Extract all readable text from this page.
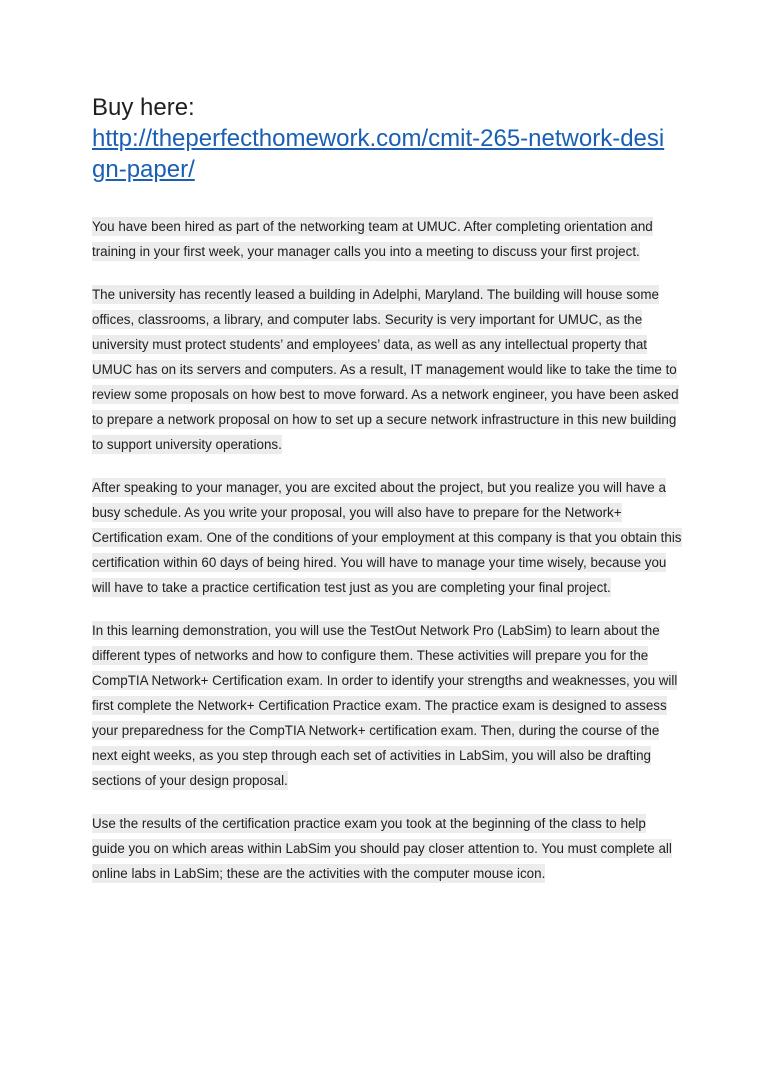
Buy here:
http://theperfecthomework.com/cmit-265-network-design-paper/

You have been hired as part of the networking team at UMUC. After completing orientation and training in your first week, your manager calls you into a meeting to discuss your first project.

The university has recently leased a building in Adelphi, Maryland. The building will house some offices, classrooms, a library, and computer labs. Security is very important for UMUC, as the university must protect students’ and employees’ data, as well as any intellectual property that UMUC has on its servers and computers. As a result, IT management would like to take the time to review some proposals on how best to move forward. As a network engineer, you have been asked to prepare a network proposal on how to set up a secure network infrastructure in this new building to support university operations.

After speaking to your manager, you are excited about the project, but you realize you will have a busy schedule. As you write your proposal, you will also have to prepare for the Network+ Certification exam. One of the conditions of your employment at this company is that you obtain this certification within 60 days of being hired. You will have to manage your time wisely, because you will have to take a practice certification test just as you are completing your final project.

In this learning demonstration, you will use the TestOut Network Pro (LabSim) to learn about the different types of networks and how to configure them. These activities will prepare you for the CompTIA Network+ Certification exam. In order to identify your strengths and weaknesses, you will first complete the Network+ Certification Practice exam. The practice exam is designed to assess your preparedness for the CompTIA Network+ certification exam. Then, during the course of the next eight weeks, as you step through each set of activities in LabSim, you will also be drafting sections of your design proposal.

Use the results of the certification practice exam you took at the beginning of the class to help guide you on which areas within LabSim you should pay closer attention to. You must complete all online labs in LabSim; these are the activities with the computer mouse icon.
